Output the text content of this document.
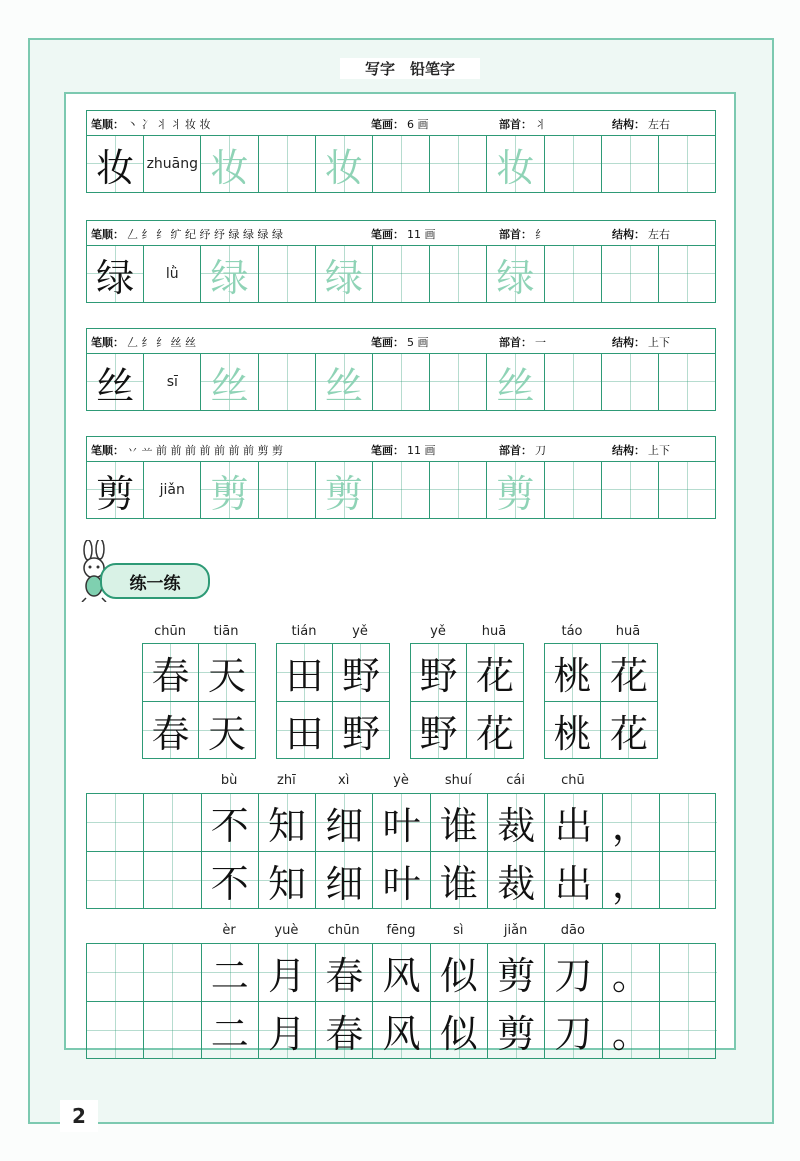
写字　铅笔字
笔顺： 丶 冫 丬 丬 妆 妆	笔画： 6 画	部首： 丬	结构： 左右
妆 zhuāng 妆 妆	妆
笔顺： 𠃋 纟 纟 纩 纪 纾 纾 绿 绿 绿 绿	笔画： 11 画	部首： 纟	结构： 左右
绿	lǜ 绿 绿	绿
笔顺： 𠃋 纟 纟 丝 丝	笔画： 5 画	部首： 一	结构： 上下
丝	sī 丝 丝	丝
笔顺： 丷 䒑 前 前 前 前 前 前 前 剪 剪	笔画： 11 画	部首： 刀	结构： 上下
剪	jiǎn 剪 剪	剪
练一练
春 天
春 天
chūn	tiān
田 野
田 野
tián	yě
野 花
野 花
yě	huā
桃 花
桃 花
táo	huā
不 知 细 叶 谁 裁 出 ，
不 知 细 叶 谁 裁 出 ，
bù	zhī	xì	yè	shuí	cái	chū
二 月 春 风 似 剪 刀 。
二 月 春 风 似 剪 刀 。
èr	yuè	chūn	fēng	sì	jiǎn	dāo
2
